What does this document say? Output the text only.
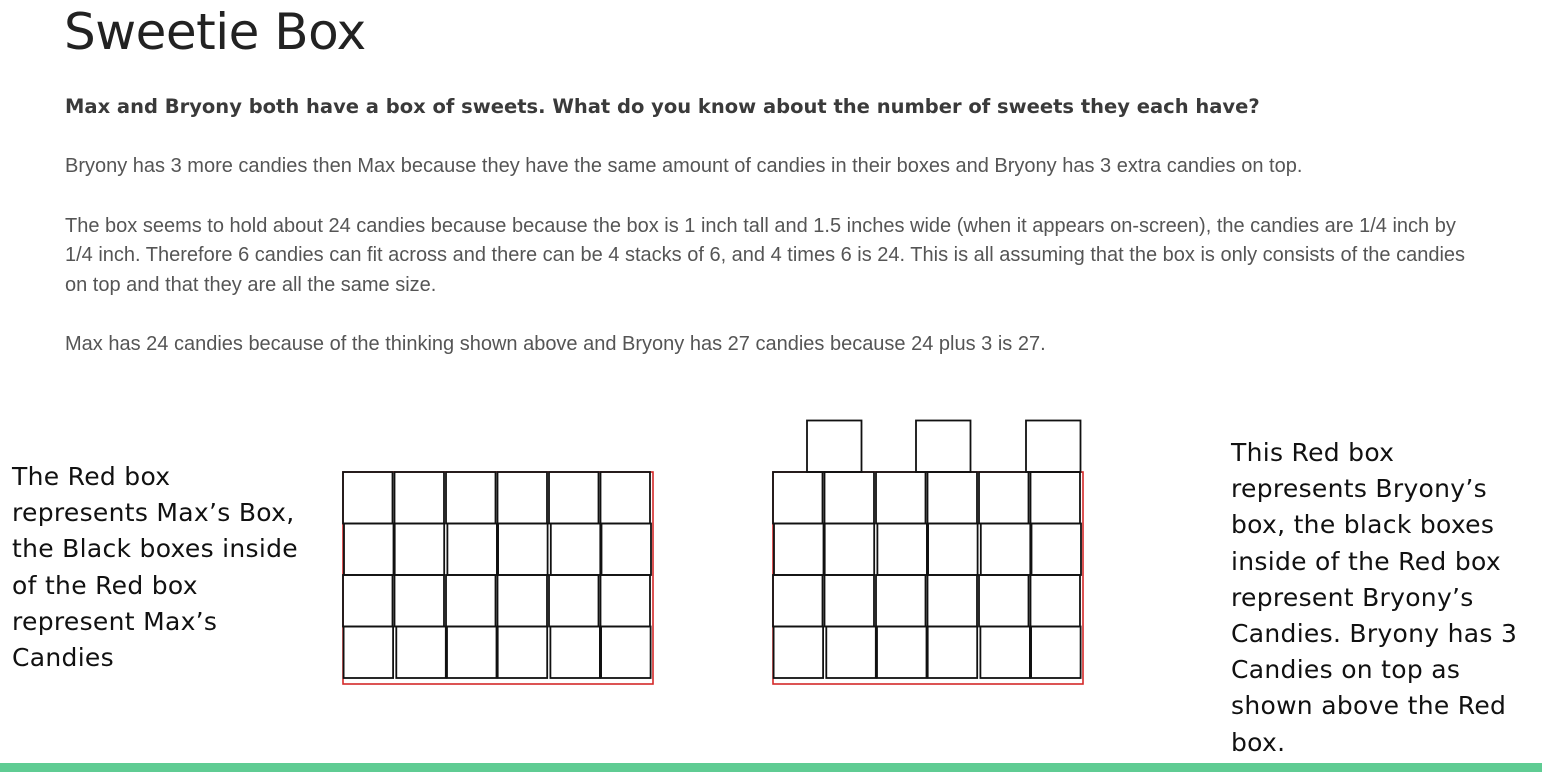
Sweetie Box
Max and Bryony both have a box of sweets. What do you know about the number of sweets they each have?

Bryony has 3 more candies then Max because they have the same amount of candies in their boxes and Bryony has 3 extra candies on top.

The box seems to hold about 24 candies because because the box is 1 inch tall and 1.5 inches wide (when it appears on-screen), the candies are 1/4 inch by 1/4 inch. Therefore 6 candies can fit across and there can be 4 stacks of 6, and 4 times 6 is 24. This is all assuming that the box is only consists of the candies on top and that they are all the same size.

Max has 24 candies because of the thinking shown above and Bryony has 27 candies because 24 plus 3 is 27.

The Red box represents Max’s Box, the Black boxes inside of the Red box represent Max’s Candies
This Red box represents Bryony’s box, the black boxes inside of the Red box represent Bryony’s Candies. Bryony has 3 Candies on top as shown above the Red box.
